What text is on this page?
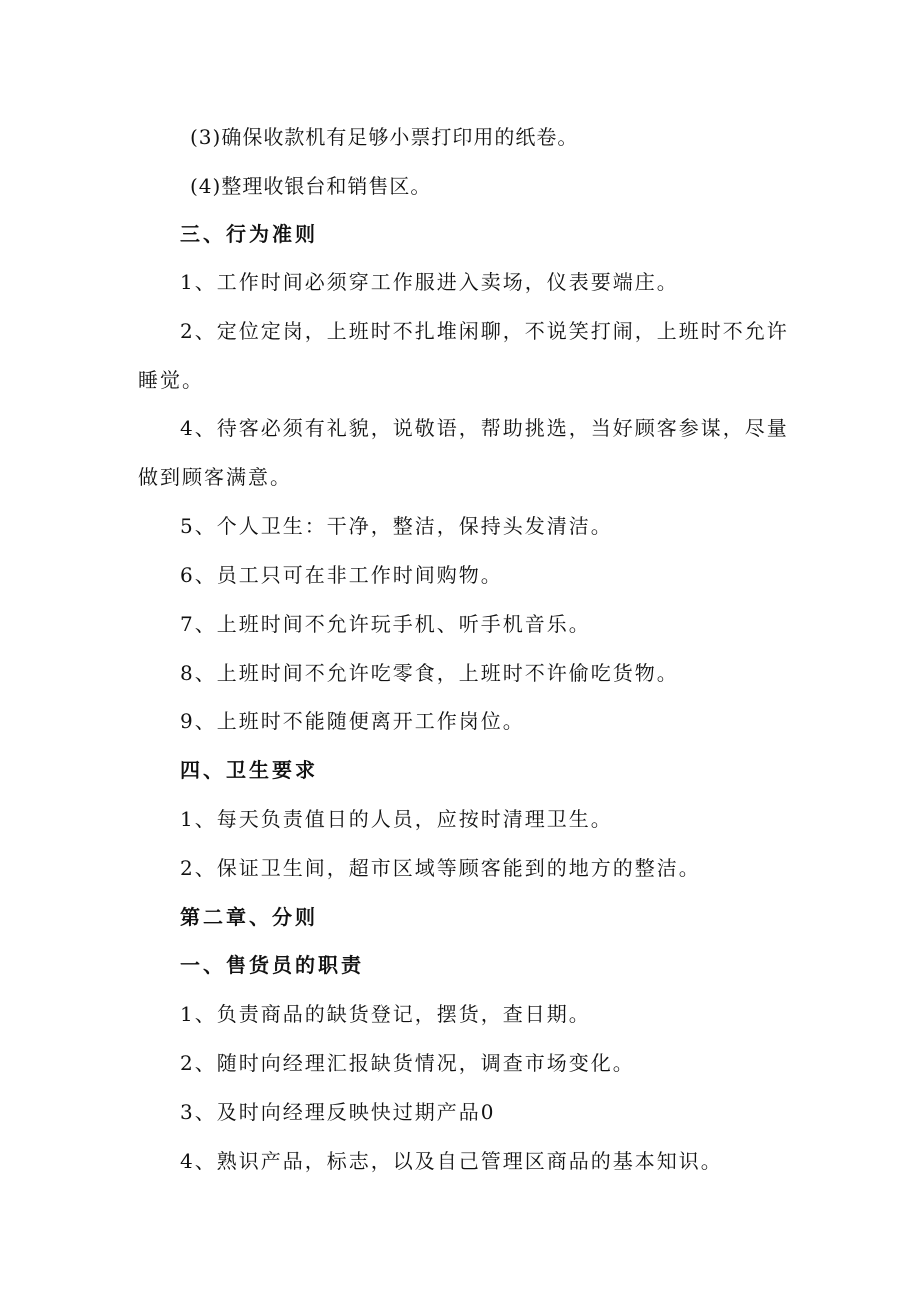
(3)确保收款机有足够小票打印用的纸卷。
(4)整理收银台和销售区。
三、行为准则
1、工作时间必须穿工作服进入卖场，仪表要端庄。
2、定位定岗，上班时不扎堆闲聊，不说笑打闹，上班时不允许
睡觉。
4、待客必须有礼貌，说敬语，帮助挑选，当好顾客参谋，尽量
做到顾客满意。
5、个人卫生：干净，整洁，保持头发清洁。
6、员工只可在非工作时间购物。
7、上班时间不允许玩手机、听手机音乐。
8、上班时间不允许吃零食，上班时不许偷吃货物。
9、上班时不能随便离开工作岗位。
四、卫生要求
1、每天负责值日的人员，应按时清理卫生。
2、保证卫生间，超市区域等顾客能到的地方的整洁。
第二章、分则
一、售货员的职责
1、负责商品的缺货登记，摆货，查日期。
2、随时向经理汇报缺货情况，调查市场变化。
3、及时向经理反映快过期产品0
4、熟识产品，标志，以及自己管理区商品的基本知识。
